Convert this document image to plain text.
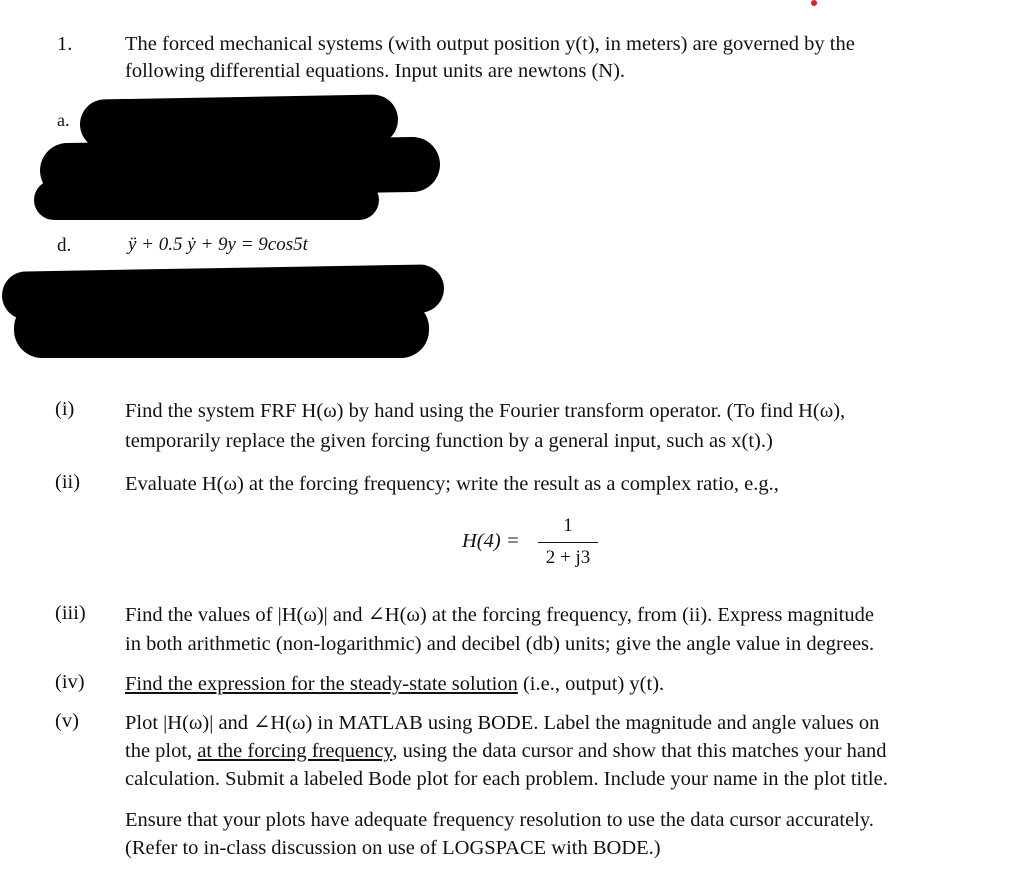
1.	The forced mechanical systems (with output position y(t), in meters) are governed by the
following differential equations. Input units are newtons (N).
a.
d.	ÿ + 0.5 ẏ + 9y = 9cos5t
(i) Find the system FRF H(ω) by hand using the Fourier transform operator. (To find H(ω),
temporarily replace the given forcing function by a general input, such as x(t).)
(ii) Evaluate H(ω) at the forcing frequency; write the result as a complex ratio, e.g.,
H(4) =
1
2 + j3
(iii) Find the values of |H(ω)| and ∠H(ω) at the forcing frequency, from (ii). Express magnitude
in both arithmetic (non-logarithmic) and decibel (db) units; give the angle value in degrees.
(iv) Find the expression for the steady-state solution (i.e., output) y(t).
(v) Plot |H(ω)| and ∠H(ω) in MATLAB using BODE. Label the magnitude and angle values on
the plot, at the forcing frequency, using the data cursor and show that this matches your hand
calculation. Submit a labeled Bode plot for each problem. Include your name in the plot title.
Ensure that your plots have adequate frequency resolution to use the data cursor accurately.
(Refer to in-class discussion on use of LOGSPACE with BODE.)
